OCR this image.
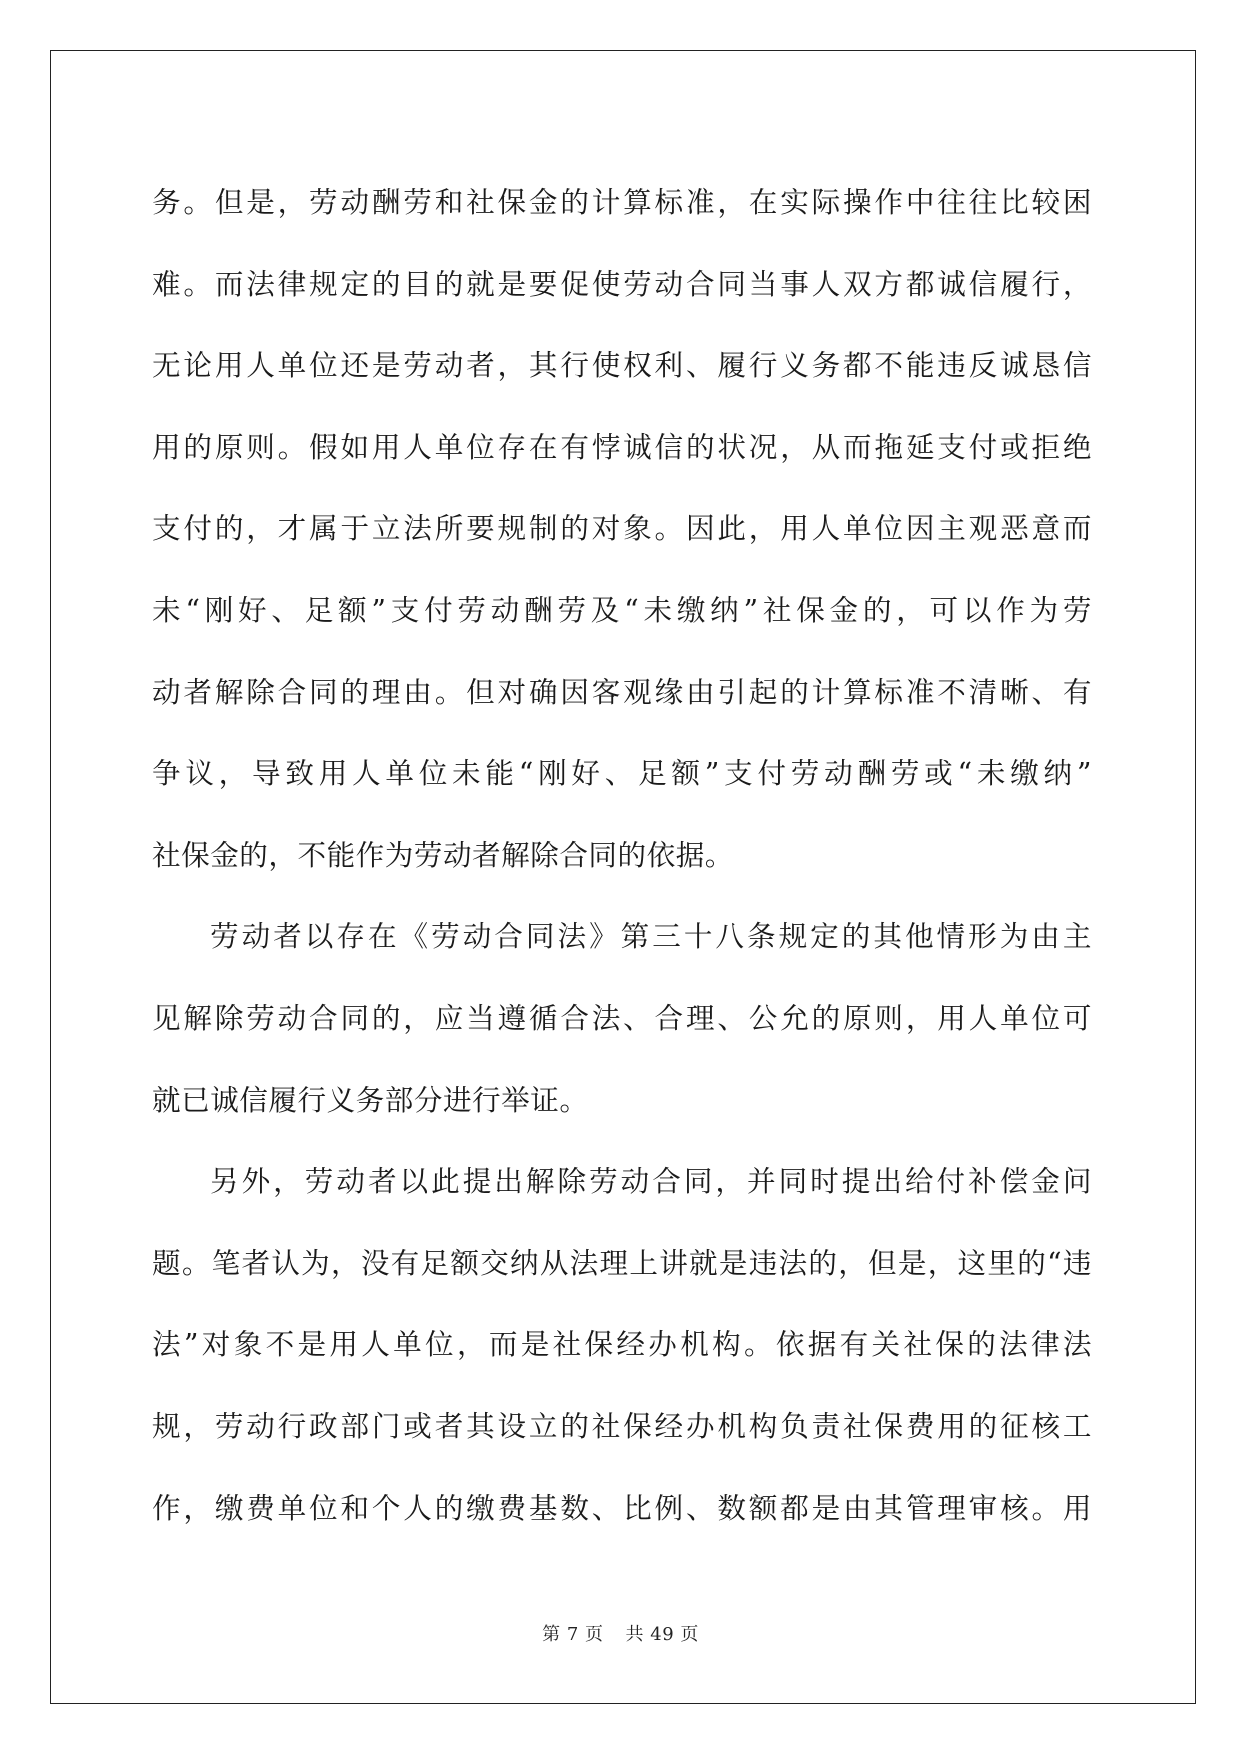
务。但是，劳动酬劳和社保金的计算标准，在实际操作中往往比较困
难。而法律规定的目的就是要促使劳动合同当事人双方都诚信履行，
无论用人单位还是劳动者，其行使权利、履行义务都不能违反诚恳信
用的原则。假如用人单位存在有悖诚信的状况，从而拖延支付或拒绝
支付的，才属于立法所要规制的对象。因此，用人单位因主观恶意而
未“刚好、足额”支付劳动酬劳及“未缴纳”社保金的，可以作为劳
动者解除合同的理由。但对确因客观缘由引起的计算标准不清晰、有
争议，导致用人单位未能“刚好、足额”支付劳动酬劳或“未缴纳”
社保金的，不能作为劳动者解除合同的依据。

劳动者以存在《劳动合同法》第三十八条规定的其他情形为由主
见解除劳动合同的，应当遵循合法、合理、公允的原则，用人单位可
就已诚信履行义务部分进行举证。

另外，劳动者以此提出解除劳动合同，并同时提出给付补偿金问
题。笔者认为，没有足额交纳从法理上讲就是违法的，但是，这里的“违
法”对象不是用人单位，而是社保经办机构。依据有关社保的法律法
规，劳动行政部门或者其设立的社保经办机构负责社保费用的征核工
作，缴费单位和个人的缴费基数、比例、数额都是由其管理审核。用

第 7 页 共 49 页
